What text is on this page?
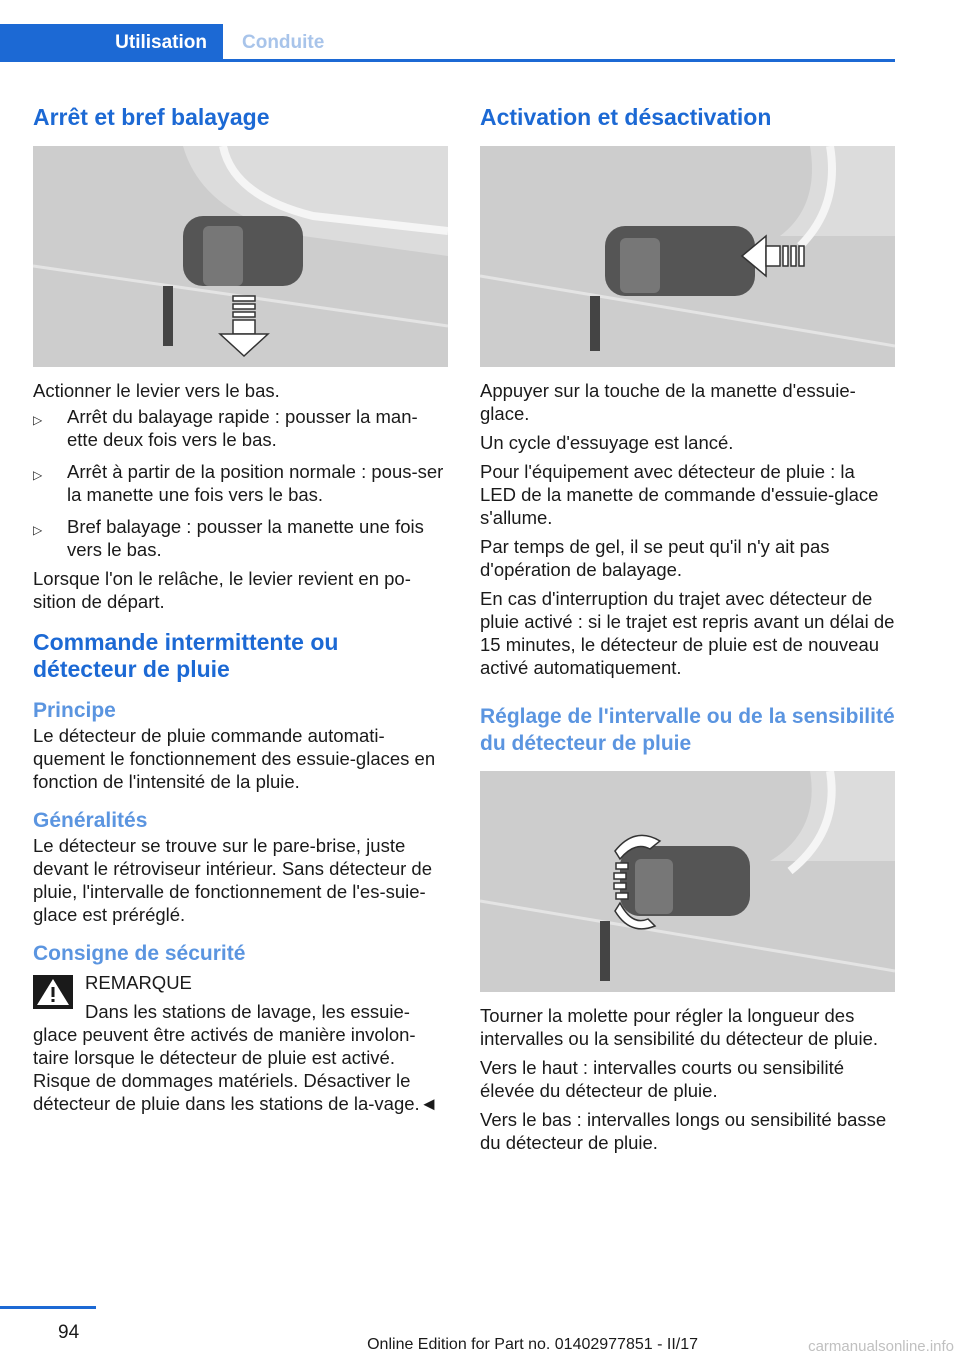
Utilisation	Conduite
Arrêt et bref balayage

Actionner le levier vers le bas.

▷ Arrêt du balayage rapide : pousser la man-ette deux fois vers le bas.
▷ Arrêt à partir de la position normale : pous-ser la manette une fois vers le bas.
▷ Bref balayage : pousser la manette une fois vers le bas.

Lorsque l'on le relâche, le levier revient en po-sition de départ.

Commande intermittente ou détecteur de pluie
Principe

Le détecteur de pluie commande automati-quement le fonctionnement des essuie-glaces en fonction de l'intensité de la pluie.

Généralités

Le détecteur se trouve sur le pare-brise, juste devant le rétroviseur intérieur. Sans détecteur de pluie, l'intervalle de fonctionnement de l'es-suie-glace est préréglé.

Consigne de sécurité

REMARQUE

Dans les stations de lavage, les essuie-

glace peuvent être activés de manière involon-taire lorsque le détecteur de pluie est activé. Risque de dommages matériels. Désactiver le détecteur de pluie dans les stations de la-vage.◄

Activation et désactivation

Appuyer sur la touche de la manette d'essuie-glace.

Un cycle d'essuyage est lancé.

Pour l'équipement avec détecteur de pluie : la LED de la manette de commande d'essuie-glace s'allume.

Par temps de gel, il se peut qu'il n'y ait pas d'opération de balayage.

En cas d'interruption du trajet avec détecteur de pluie activé : si le trajet est repris avant un délai de 15 minutes, le détecteur de pluie est de nouveau activé automatiquement.

Réglage de l'intervalle ou de la sensibilité du détecteur de pluie

Tourner la molette pour régler la longueur des intervalles ou la sensibilité du détecteur de pluie.

Vers le haut : intervalles courts ou sensibilité élevée du détecteur de pluie.

Vers le bas : intervalles longs ou sensibilité basse du détecteur de pluie.

94
Online Edition for Part no. 01402977851 - II/17	carmanualsonline.info
